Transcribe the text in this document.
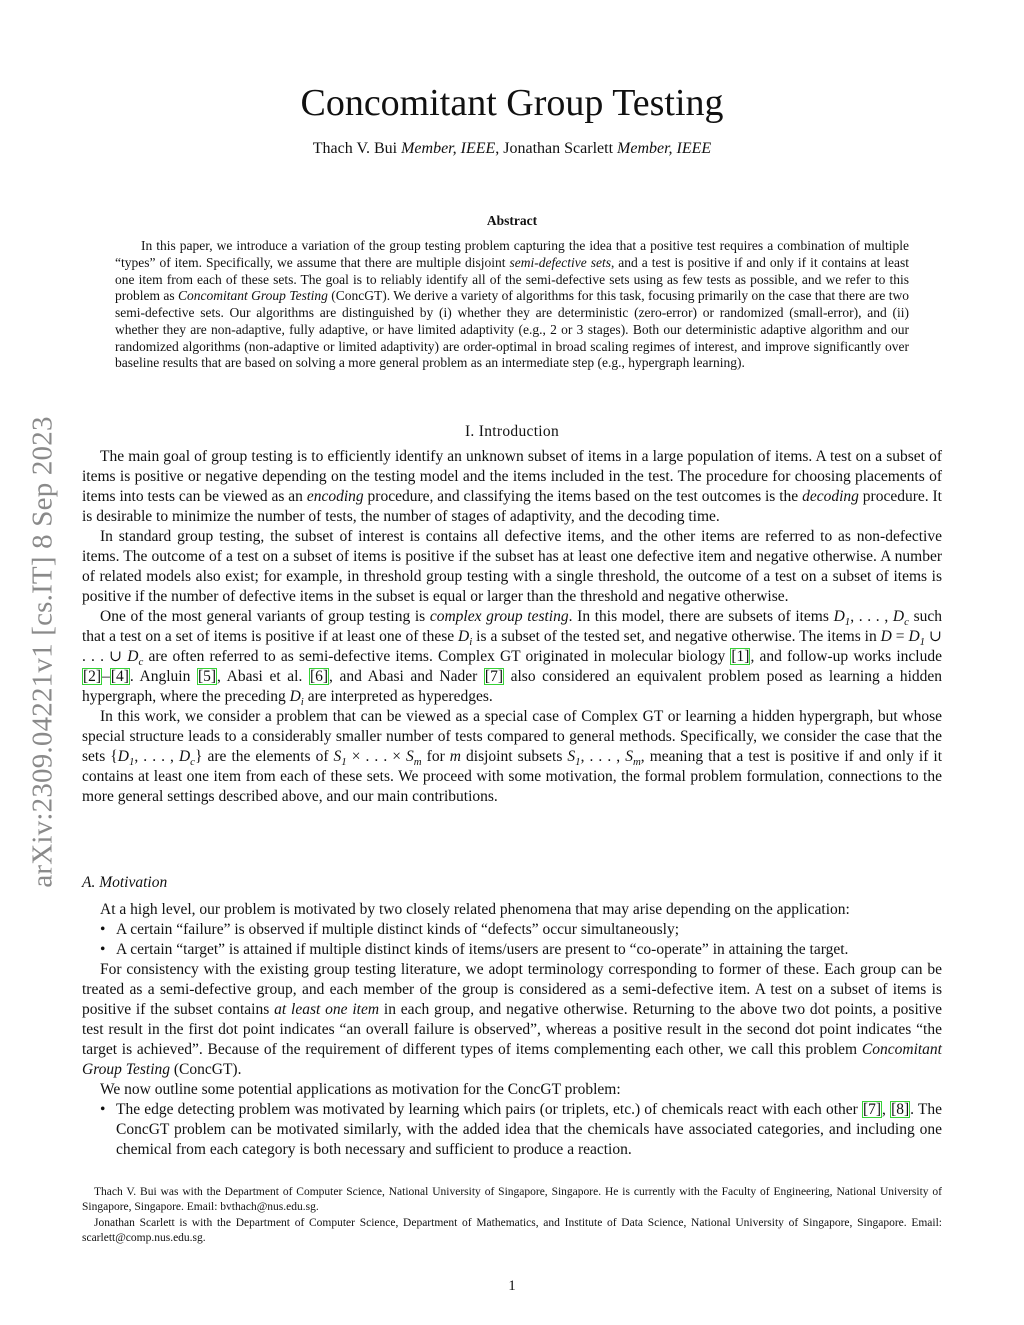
arXiv:2309.04221v1 [cs.IT] 8 Sep 2023
Concomitant Group Testing
Thach V. Bui Member, IEEE, Jonathan Scarlett Member, IEEE
Abstract

In this paper, we introduce a variation of the group testing problem capturing the idea that a positive test requires a combination of multiple “types” of item. Specifically, we assume that there are multiple disjoint semi-defective sets, and a test is positive if and only if it contains at least one item from each of these sets. The goal is to reliably identify all of the semi-defective sets using as few tests as possible, and we refer to this problem as Concomitant Group Testing (ConcGT). We derive a variety of algorithms for this task, focusing primarily on the case that there are two semi-defective sets. Our algorithms are distinguished by (i) whether they are deterministic (zero-error) or randomized (small-error), and (ii) whether they are non-adaptive, fully adaptive, or have limited adaptivity (e.g., 2 or 3 stages). Both our deterministic adaptive algorithm and our randomized algorithms (non-adaptive or limited adaptivity) are order-optimal in broad scaling regimes of interest, and improve significantly over baseline results that are based on solving a more general problem as an intermediate step (e.g., hypergraph learning).

I. Introduction

The main goal of group testing is to efficiently identify an unknown subset of items in a large population of items. A test on a subset of items is positive or negative depending on the testing model and the items included in the test. The procedure for choosing placements of items into tests can be viewed as an encoding procedure, and classifying the items based on the test outcomes is the decoding procedure. It is desirable to minimize the number of tests, the number of stages of adaptivity, and the decoding time.

In standard group testing, the subset of interest is contains all defective items, and the other items are referred to as non-defective items. The outcome of a test on a subset of items is positive if the subset has at least one defective item and negative otherwise. A number of related models also exist; for example, in threshold group testing with a single threshold, the outcome of a test on a subset of items is positive if the number of defective items in the subset is equal or larger than the threshold and negative otherwise.

One of the most general variants of group testing is complex group testing. In this model, there are subsets of items $D_1$, . . . , $D_c$ such that a test on a set of items is positive if at least one of these $D_i$ is a subset of the tested set, and negative otherwise. The items in $D = D_1$ ∪ . . . ∪ $D_c$ are often referred to as semi-defective items. Complex GT originated in molecular biology [1], and follow-up works include [2]–[4]. Angluin [5], Abasi et al. [6], and Abasi and Nader [7] also considered an equivalent problem posed as learning a hidden hypergraph, where the preceding $D_i$ are interpreted as hyperedges.

In this work, we consider a problem that can be viewed as a special case of Complex GT or learning a hidden hypergraph, but whose special structure leads to a considerably smaller number of tests compared to general methods. Specifically, we consider the case that the sets {$D_1$, . . . , $D_c$} are the elements of $S_1$ × . . . × $S_m$ for m disjoint subsets $S_1$, . . . , $S_m$, meaning that a test is positive if and only if it contains at least one item from each of these sets. We proceed with some motivation, the formal problem formulation, connections to the more general settings described above, and our main contributions.

A. Motivation

At a high level, our problem is motivated by two closely related phenomena that may arise depending on the application:

• A certain “failure” is observed if multiple distinct kinds of “defects” occur simultaneously;
• A certain “target” is attained if multiple distinct kinds of items/users are present to “co-operate” in attaining the target.

For consistency with the existing group testing literature, we adopt terminology corresponding to former of these. Each group can be treated as a semi-defective group, and each member of the group is considered as a semi-defective item. A test on a subset of items is positive if the subset contains at least one item in each group, and negative otherwise. Returning to the above two dot points, a positive test result in the first dot point indicates “an overall failure is observed”, whereas a positive result in the second dot point indicates “the target is achieved”. Because of the requirement of different types of items complementing each other, we call this problem Concomitant Group Testing (ConcGT).

We now outline some potential applications as motivation for the ConcGT problem:

• The edge detecting problem was motivated by learning which pairs (or triplets, etc.) of chemicals react with each other [7], [8]. The ConcGT problem can be motivated similarly, with the added idea that the chemicals have associated categories, and including one chemical from each category is both necessary and sufficient to produce a reaction.

Thach V. Bui was with the Department of Computer Science, National University of Singapore, Singapore. He is currently with the Faculty of Engineering, National University of Singapore, Singapore. Email: bvthach@nus.edu.sg.

Jonathan Scarlett is with the Department of Computer Science, Department of Mathematics, and Institute of Data Science, National University of Singapore, Singapore. Email: scarlett@comp.nus.edu.sg.

1
